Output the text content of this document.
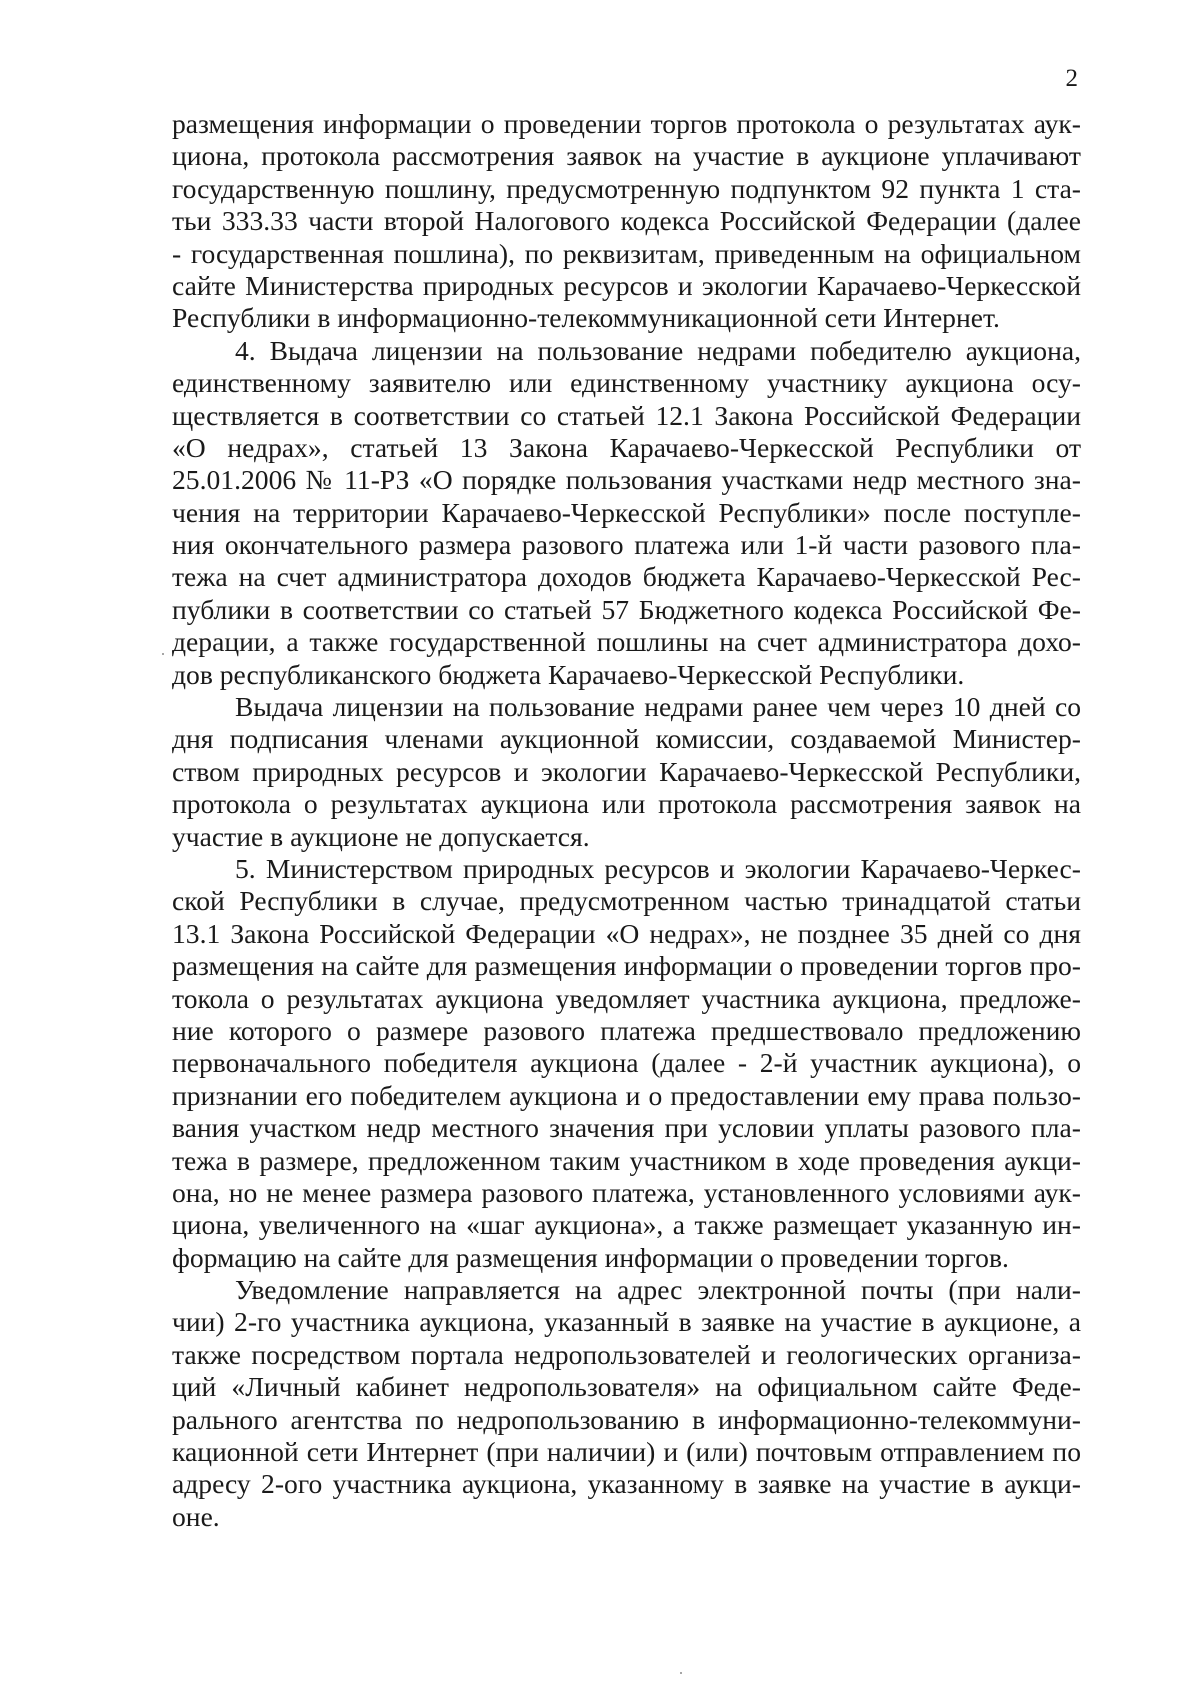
2
размещения информации о проведении торгов протокола о результатах аук-
циона, протокола рассмотрения заявок на участие в аукционе уплачивают
государственную пошлину, предусмотренную подпунктом 92 пункта 1 ста-
тьи 333.33 части второй Налогового кодекса Российской Федерации (далее
- государственная пошлина), по реквизитам, приведенным на официальном
сайте Министерства природных ресурсов и экологии Карачаево-Черкесской
Республики в информационно-телекоммуникационной сети Интернет.
4. Выдача лицензии на пользование недрами победителю аукциона,
единственному заявителю или единственному участнику аукциона осу-
ществляется в соответствии со статьей 12.1 Закона Российской Федерации
«О недрах», статьей 13 Закона Карачаево-Черкесской Республики от
25.01.2006 № 11-РЗ «О порядке пользования участками недр местного зна-
чения на территории Карачаево-Черкесской Республики» после поступле-
ния окончательного размера разового платежа или 1-й части разового пла-
тежа на счет администратора доходов бюджета Карачаево-Черкесской Рес-
публики в соответствии со статьей 57 Бюджетного кодекса Российской Фе-
дерации, а также государственной пошлины на счет администратора дохо-
дов республиканского бюджета Карачаево-Черкесской Республики.
Выдача лицензии на пользование недрами ранее чем через 10 дней со
дня подписания членами аукционной комиссии, создаваемой Министер-
ством природных ресурсов и экологии Карачаево-Черкесской Республики,
протокола о результатах аукциона или протокола рассмотрения заявок на
участие в аукционе не допускается.
5. Министерством природных ресурсов и экологии Карачаево-Черкес-
ской Республики в случае, предусмотренном частью тринадцатой статьи
13.1 Закона Российской Федерации «О недрах», не позднее 35 дней со дня
размещения на сайте для размещения информации о проведении торгов про-
токола о результатах аукциона уведомляет участника аукциона, предложе-
ние которого о размере разового платежа предшествовало предложению
первоначального победителя аукциона (далее - 2-й участник аукциона), о
признании его победителем аукциона и о предоставлении ему права пользо-
вания участком недр местного значения при условии уплаты разового пла-
тежа в размере, предложенном таким участником в ходе проведения аукци-
она, но не менее размера разового платежа, установленного условиями аук-
циона, увеличенного на «шаг аукциона», а также размещает указанную ин-
формацию на сайте для размещения информации о проведении торгов.
Уведомление направляется на адрес электронной почты (при нали-
чии) 2-го участника аукциона, указанный в заявке на участие в аукционе, а
также посредством портала недропользователей и геологических организа-
ций «Личный кабинет недропользователя» на официальном сайте Феде-
рального агентства по недропользованию в информационно-телекоммуни-
кационной сети Интернет (при наличии) и (или) почтовым отправлением по
адресу 2-ого участника аукциона, указанному в заявке на участие в аукци-
оне.
